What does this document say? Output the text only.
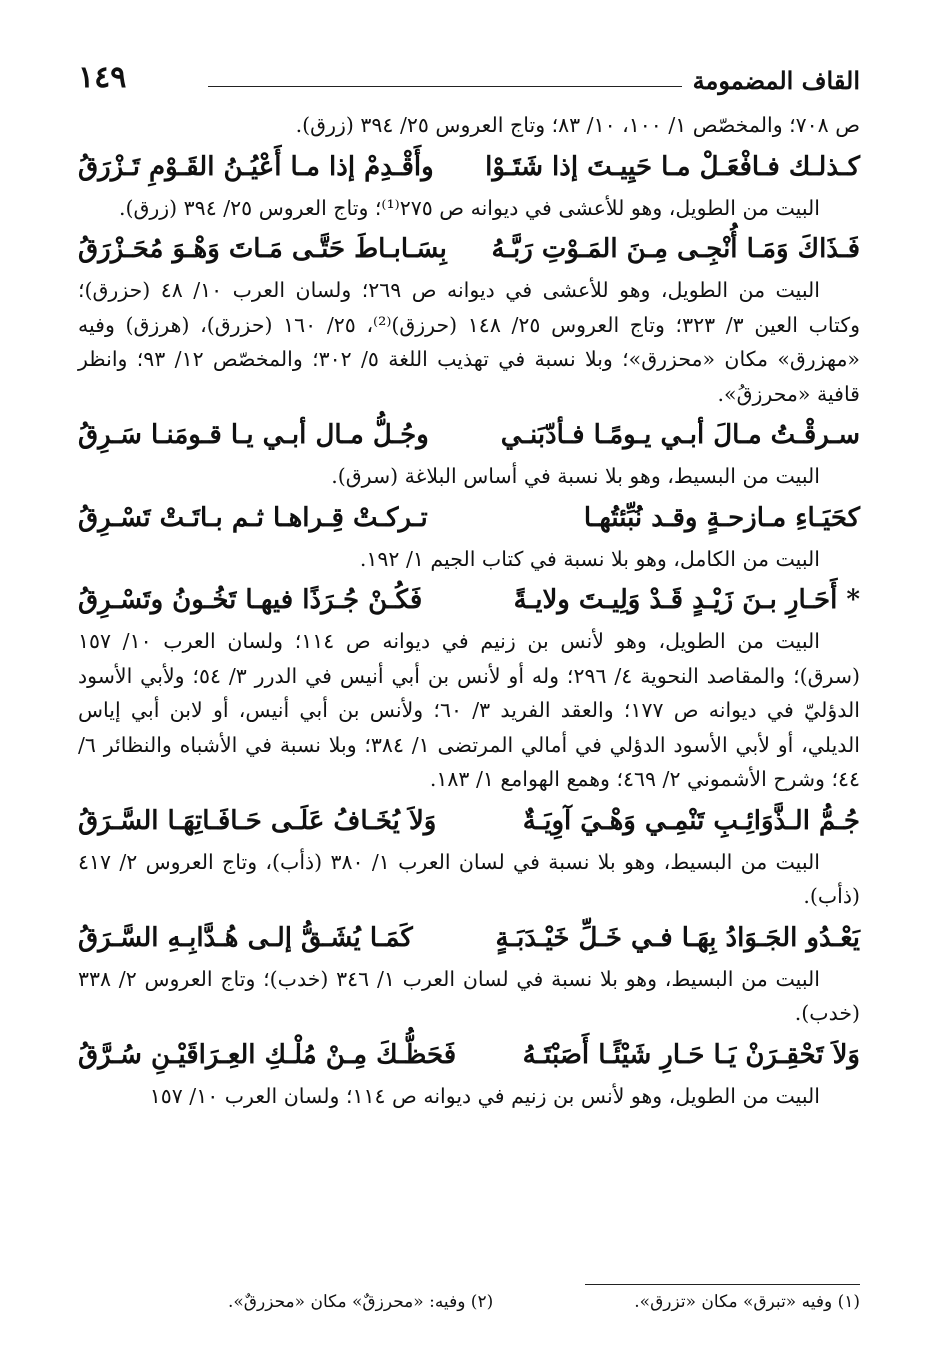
القاف المضمومة
١٤٩

ص ٧٠٨؛ والمخصّص ١/ ١٠٠، ١٠/ ٨٣؛ وتاج العروس ٢٥/ ٣٩٤ (زرق).

كـذلـك فـافْعَـلْ مـا حَيِيـتَ إذا شَتَـوْا
وأَقْـدِمْ إذا مـا أَعْيُـنُ القَـوْمِ تَـزْرَقُ

البيت من الطويل، وهو للأعشى في ديوانه ص ٢٧٥⁽¹⁾؛ وتاج العروس ٢٥/ ٣٩٤ (زرق).

فَـذَاكَ وَمَـا أُنْجِـى مِـنَ المَـوْتِ رَبَّـهُ
بِسَـابـاطَ حَتَّـى مَـاتَ وَهْـوَ مُحَـزْرَقُ

البيت من الطويل، وهو للأعشى في ديوانه ص ٢٦٩؛ ولسان العرب ١٠/ ٤٨ (حزرق)؛ وكتاب العين ٣/ ٣٢٣؛ وتاج العروس ٢٥/ ١٤٨ (حرزق)⁽²⁾، ٢٥/ ١٦٠ (حزرق)، (هرزق) وفيه «مهزرق» مكان «محزرق»؛ وبلا نسبة في تهذيب اللغة ٥/ ٣٠٢؛ والمخصّص ١٢/ ٩٣؛ وانظر قافية «محرزقُ».

سـرقْـتُ مـالَ أبـي يـومًـا فـأدّبَنـي
وجُـلُّ مـال أبـي يـا قـومَنـا سَـرِقُ

البيت من البسيط، وهو بلا نسبة في أساس البلاغة (سرق).

كحَيَـاءِ مـازحـةٍ وقـد نُبِّئتُهـا
تـركـتْ قِـراهـا ثـم بـاتَـتْ تَسْـرِقُ

البيت من الكامل، وهو بلا نسبة في كتاب الجيم ١/ ١٩٢.

* أَحَـارِ بـنَ زَيْـدٍ قَـدْ وَلِيـتَ ولايـةً
فَكُـنْ جُـرَذًا فيهـا تَخُـونُ وتَسْـرِقُ

البيت من الطويل، وهو لأنس بن زنيم في ديوانه ص ١١٤؛ ولسان العرب ١٠/ ١٥٧ (سرق)؛ والمقاصد النحوية ٤/ ٢٩٦؛ وله أو لأنس بن أبي أنيس في الدرر ٣/ ٥٤؛ ولأبي الأسود الدؤليّ في ديوانه ص ١٧٧؛ والعقد الفريد ٣/ ٦٠؛ ولأنس بن أبي أنيس، أو لابن أبي إياس الديلي، أو لأبي الأسود الدؤلي في أمالي المرتضى ١/ ٣٨٤؛ وبلا نسبة في الأشباه والنظائر ٦/ ٤٤؛ وشرح الأشموني ٢/ ٤٦٩؛ وهمع الهوامع ١/ ١٨٣.

جُـمُّ الـذَّوَائِـبِ تَنْمِـي وَهْـيَ آوِيَـةٌ
وَلاَ يُخَـافُ عَلَـى حَـافَـاتِهَـا السَّـرَقُ

البيت من البسيط، وهو بلا نسبة في لسان العرب ١/ ٣٨٠ (ذأب)، وتاج العروس ٢/ ٤١٧ (ذأب).

يَعْـدُو الجَـوَادُ بِهَـا فـي خَـلِّ خَيْـدَبَـةٍ
كَمَـا يُشَـقُّ إلـى هُـدَّابِـهِ السَّـرَقُ

البيت من البسيط، وهو بلا نسبة في لسان العرب ١/ ٣٤٦ (خدب)؛ وتاج العروس ٢/ ٣٣٨ (خدب).

وَلاَ تَحْقِـرَنْ يَـا حَـارِ شَيْئًـا أَصَبْتَـهُ
فَحَظُّـكَ مِـنْ مُلْـكِ العِـرَاقَيْـنِ سُـرَّقُ

البيت من الطويل، وهو لأنس بن زنيم في ديوانه ص ١١٤؛ ولسان العرب ١٠/ ١٥٧

(١) وفيه «تبرق» مكان «تزرق».
(٢) وفيه: «محرزقٌ» مكان «محزرقٌ».
